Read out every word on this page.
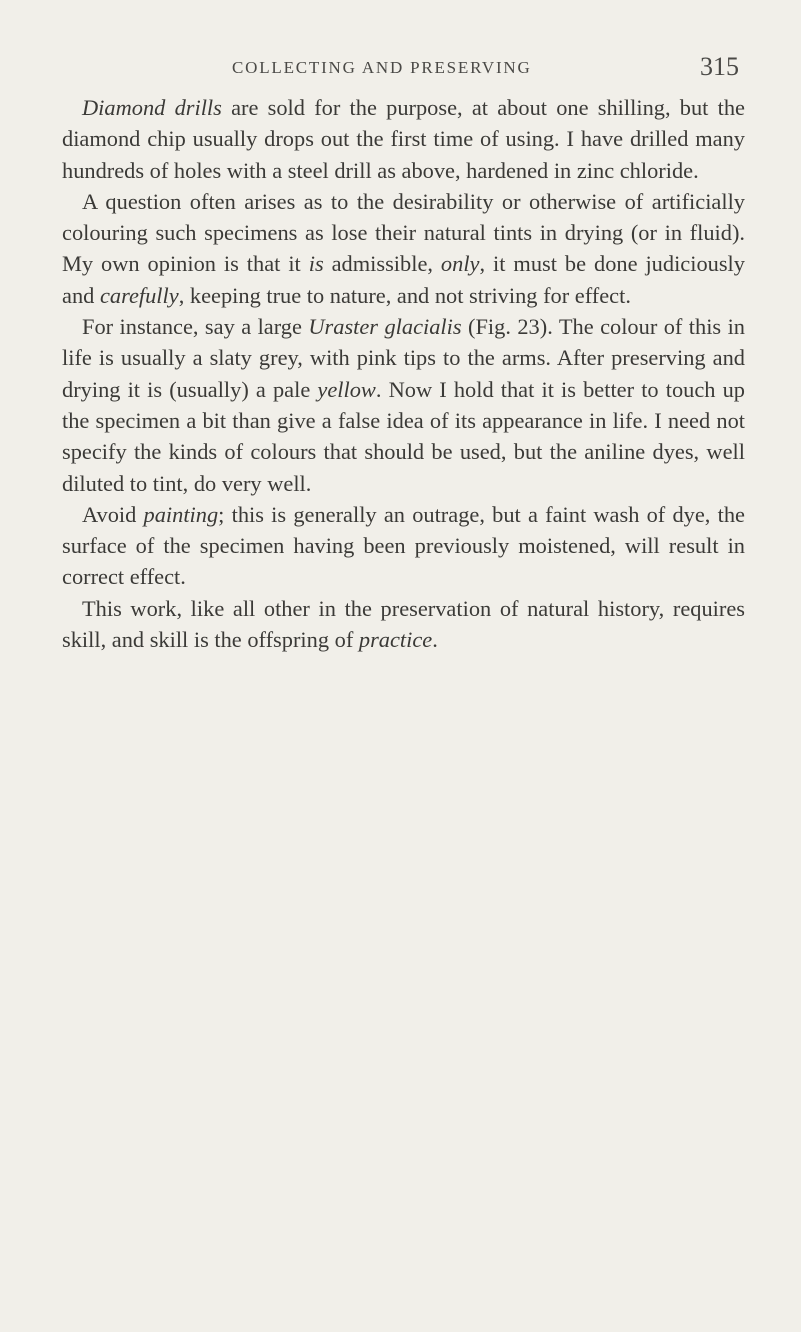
COLLECTING AND PRESERVING	315

Diamond drills are sold for the purpose, at about one shilling, but the diamond chip usually drops out the first time of using. I have drilled many hundreds of holes with a steel drill as above, hardened in zinc chloride.

A question often arises as to the desirability or otherwise of artificially colouring such specimens as lose their natural tints in drying (or in fluid). My own opinion is that it is admissible, only, it must be done judiciously and carefully, keeping true to nature, and not striving for effect.

For instance, say a large Uraster glacialis (Fig. 23). The colour of this in life is usually a slaty grey, with pink tips to the arms. After preserving and drying it is (usually) a pale yellow. Now I hold that it is better to touch up the specimen a bit than give a false idea of its appearance in life. I need not specify the kinds of colours that should be used, but the aniline dyes, well diluted to tint, do very well.

Avoid painting; this is generally an outrage, but a faint wash of dye, the surface of the specimen having been previously moistened, will result in correct effect.

This work, like all other in the preservation of natural history, requires skill, and skill is the offspring of practice.
